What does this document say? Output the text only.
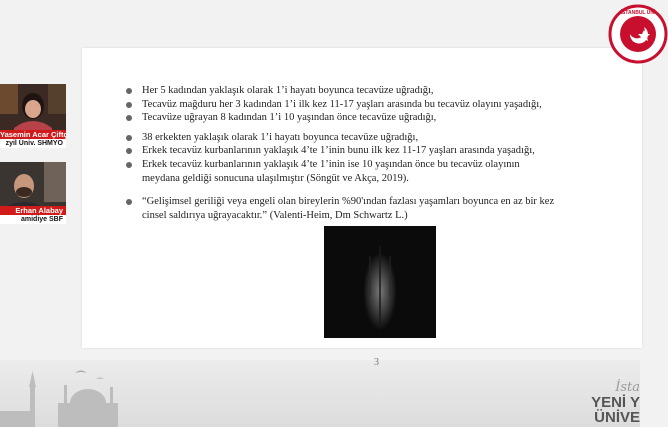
Her 5 kadından yaklaşık olarak 1’i hayatı boyunca tecavüze uğradığı,
Tecavüz mağduru her 3 kadından 1’i ilk kez 11-17 yaşları arasında bu tecavüz olayını yaşadığı,
Tecavüze uğrayan 8 kadından 1’i 10 yaşından önce tecavüze uğradığı,
38 erkekten yaklaşık olarak 1’i hayatı boyunca tecavüze uğradığı,
Erkek tecavüz kurbanlarının yaklaşık 4’te 1’inin bunu ilk kez 11-17 yaşları arasında yaşadığı,
Erkek tecavüz kurbanlarının yaklaşık 4’te 1’inin ise 10 yaşından önce bu tecavüz olayının meydana geldiği sonucuna ulaşılmıştır (Söngüt ve Akça, 2019).
“Gelişimsel geriliği veya engeli olan bireylerin %90'ından fazlası yaşamları boyunca en az bir kez cinsel saldırıya uğrayacaktır.” (Valenti-Heim, Dm Schwartz L.)
3
Yasemin Acar Çiftçi
zyil Üniv. SHMYO
Erhan Alabay
amidiye SBF
İSTANBUL ÜNİ
İsta
YENİ Y
ÜNİVE
